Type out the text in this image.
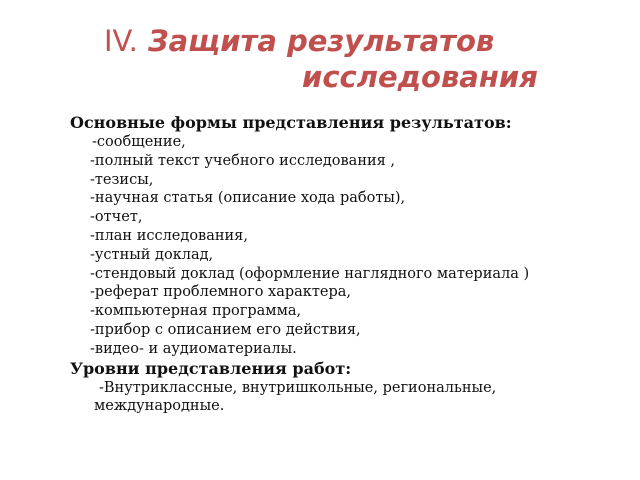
IV. Защита результатов
исследования
Основные формы представления результатов:
-сообщение,
-полный текст учебного исследования ,
-тезисы,
-научная статья (описание хода работы),
-отчет,
-план исследования,
-устный доклад,
-стендовый доклад (оформление наглядного материала )
-реферат проблемного характера,
-компьютерная программа,
-прибор с описанием его действия,
-видео- и аудиоматериалы.
Уровни представления работ:
-Внутриклассные, внутришкольные, региональные,
международные.
